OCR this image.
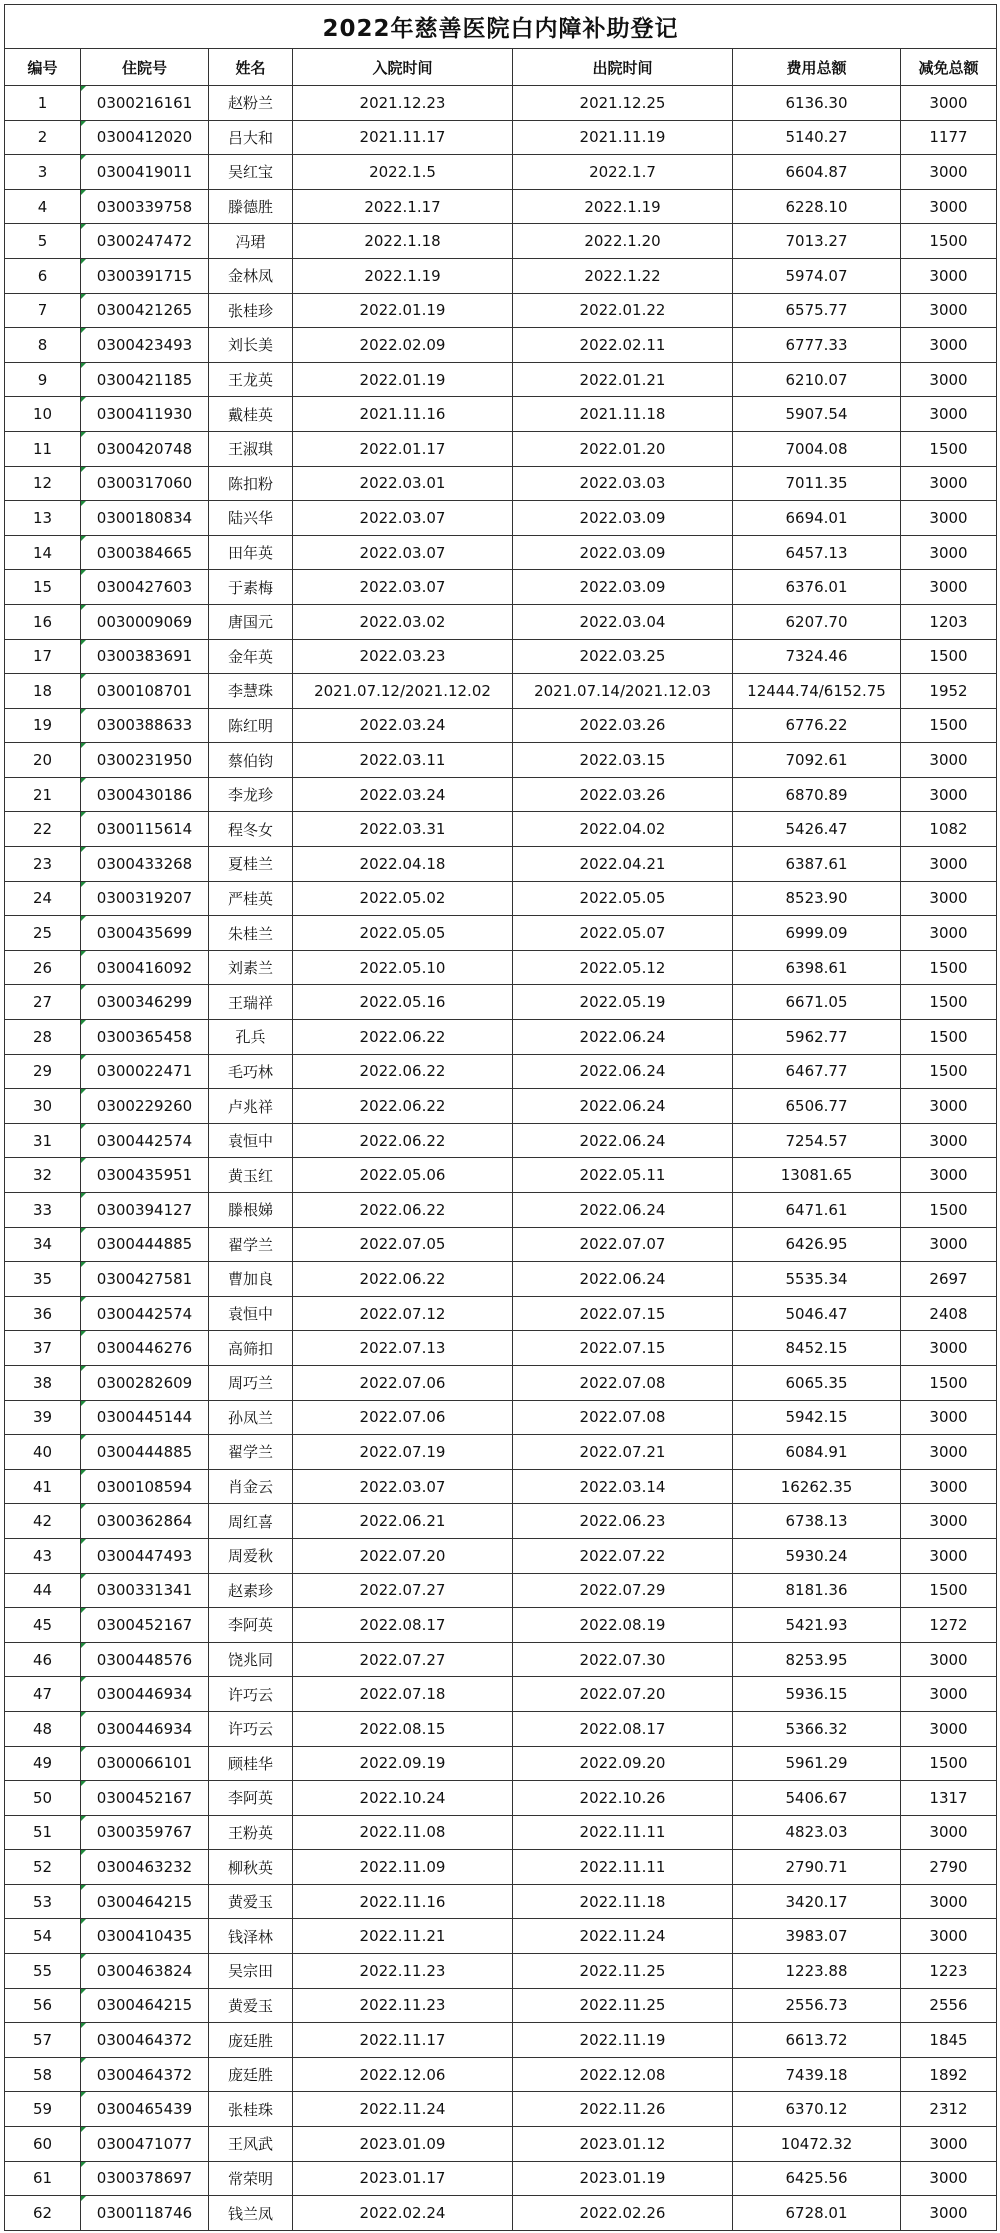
2022年慈善医院白内障补助登记						
编号	住院号	姓名	入院时间	出院时间	费用总额	减免总额
1	0300216161	赵粉兰	2021.12.23	2021.12.25	6136.30	3000
2	0300412020	吕大和	2021.11.17	2021.11.19	5140.27	1177
3	0300419011	吴红宝	2022.1.5	2022.1.7	6604.87	3000
4	0300339758	滕德胜	2022.1.17	2022.1.19	6228.10	3000
5	0300247472	冯珺	2022.1.18	2022.1.20	7013.27	1500
6	0300391715	金林凤	2022.1.19	2022.1.22	5974.07	3000
7	0300421265	张桂珍	2022.01.19	2022.01.22	6575.77	3000
8	0300423493	刘长美	2022.02.09	2022.02.11	6777.33	3000
9	0300421185	王龙英	2022.01.19	2022.01.21	6210.07	3000
10	0300411930	戴桂英	2021.11.16	2021.11.18	5907.54	3000
11	0300420748	王淑琪	2022.01.17	2022.01.20	7004.08	1500
12	0300317060	陈扣粉	2022.03.01	2022.03.03	7011.35	3000
13	0300180834	陆兴华	2022.03.07	2022.03.09	6694.01	3000
14	0300384665	田年英	2022.03.07	2022.03.09	6457.13	3000
15	0300427603	于素梅	2022.03.07	2022.03.09	6376.01	3000
16	0030009069	唐国元	2022.03.02	2022.03.04	6207.70	1203
17	0300383691	金年英	2022.03.23	2022.03.25	7324.46	1500
18	0300108701	李慧珠	2021.07.12/2021.12.02	2021.07.14/2021.12.03	12444.74/6152.75	1952
19	0300388633	陈红明	2022.03.24	2022.03.26	6776.22	1500
20	0300231950	蔡伯钧	2022.03.11	2022.03.15	7092.61	3000
21	0300430186	李龙珍	2022.03.24	2022.03.26	6870.89	3000
22	0300115614	程冬女	2022.03.31	2022.04.02	5426.47	1082
23	0300433268	夏桂兰	2022.04.18	2022.04.21	6387.61	3000
24	0300319207	严桂英	2022.05.02	2022.05.05	8523.90	3000
25	0300435699	朱桂兰	2022.05.05	2022.05.07	6999.09	3000
26	0300416092	刘素兰	2022.05.10	2022.05.12	6398.61	1500
27	0300346299	王瑞祥	2022.05.16	2022.05.19	6671.05	1500
28	0300365458	孔兵	2022.06.22	2022.06.24	5962.77	1500
29	0300022471	毛巧林	2022.06.22	2022.06.24	6467.77	1500
30	0300229260	卢兆祥	2022.06.22	2022.06.24	6506.77	3000
31	0300442574	袁恒中	2022.06.22	2022.06.24	7254.57	3000
32	0300435951	黄玉红	2022.05.06	2022.05.11	13081.65	3000
33	0300394127	滕根娣	2022.06.22	2022.06.24	6471.61	1500
34	0300444885	翟学兰	2022.07.05	2022.07.07	6426.95	3000
35	0300427581	曹加良	2022.06.22	2022.06.24	5535.34	2697
36	0300442574	袁恒中	2022.07.12	2022.07.15	5046.47	2408
37	0300446276	高筛扣	2022.07.13	2022.07.15	8452.15	3000
38	0300282609	周巧兰	2022.07.06	2022.07.08	6065.35	1500
39	0300445144	孙凤兰	2022.07.06	2022.07.08	5942.15	3000
40	0300444885	翟学兰	2022.07.19	2022.07.21	6084.91	3000
41	0300108594	肖金云	2022.03.07	2022.03.14	16262.35	3000
42	0300362864	周红喜	2022.06.21	2022.06.23	6738.13	3000
43	0300447493	周爱秋	2022.07.20	2022.07.22	5930.24	3000
44	0300331341	赵素珍	2022.07.27	2022.07.29	8181.36	1500
45	0300452167	李阿英	2022.08.17	2022.08.19	5421.93	1272
46	0300448576	饶兆同	2022.07.27	2022.07.30	8253.95	3000
47	0300446934	许巧云	2022.07.18	2022.07.20	5936.15	3000
48	0300446934	许巧云	2022.08.15	2022.08.17	5366.32	3000
49	0300066101	顾桂华	2022.09.19	2022.09.20	5961.29	1500
50	0300452167	李阿英	2022.10.24	2022.10.26	5406.67	1317
51	0300359767	王粉英	2022.11.08	2022.11.11	4823.03	3000
52	0300463232	柳秋英	2022.11.09	2022.11.11	2790.71	2790
53	0300464215	黄爱玉	2022.11.16	2022.11.18	3420.17	3000
54	0300410435	钱泽林	2022.11.21	2022.11.24	3983.07	3000
55	0300463824	吴宗田	2022.11.23	2022.11.25	1223.88	1223
56	0300464215	黄爱玉	2022.11.23	2022.11.25	2556.73	2556
57	0300464372	庞廷胜	2022.11.17	2022.11.19	6613.72	1845
58	0300464372	庞廷胜	2022.12.06	2022.12.08	7439.18	1892
59	0300465439	张桂珠	2022.11.24	2022.11.26	6370.12	2312
60	0300471077	王风武	2023.01.09	2023.01.12	10472.32	3000
61	0300378697	常荣明	2023.01.17	2023.01.19	6425.56	3000
62	0300118746	钱兰凤	2022.02.24	2022.02.26	6728.01	3000
